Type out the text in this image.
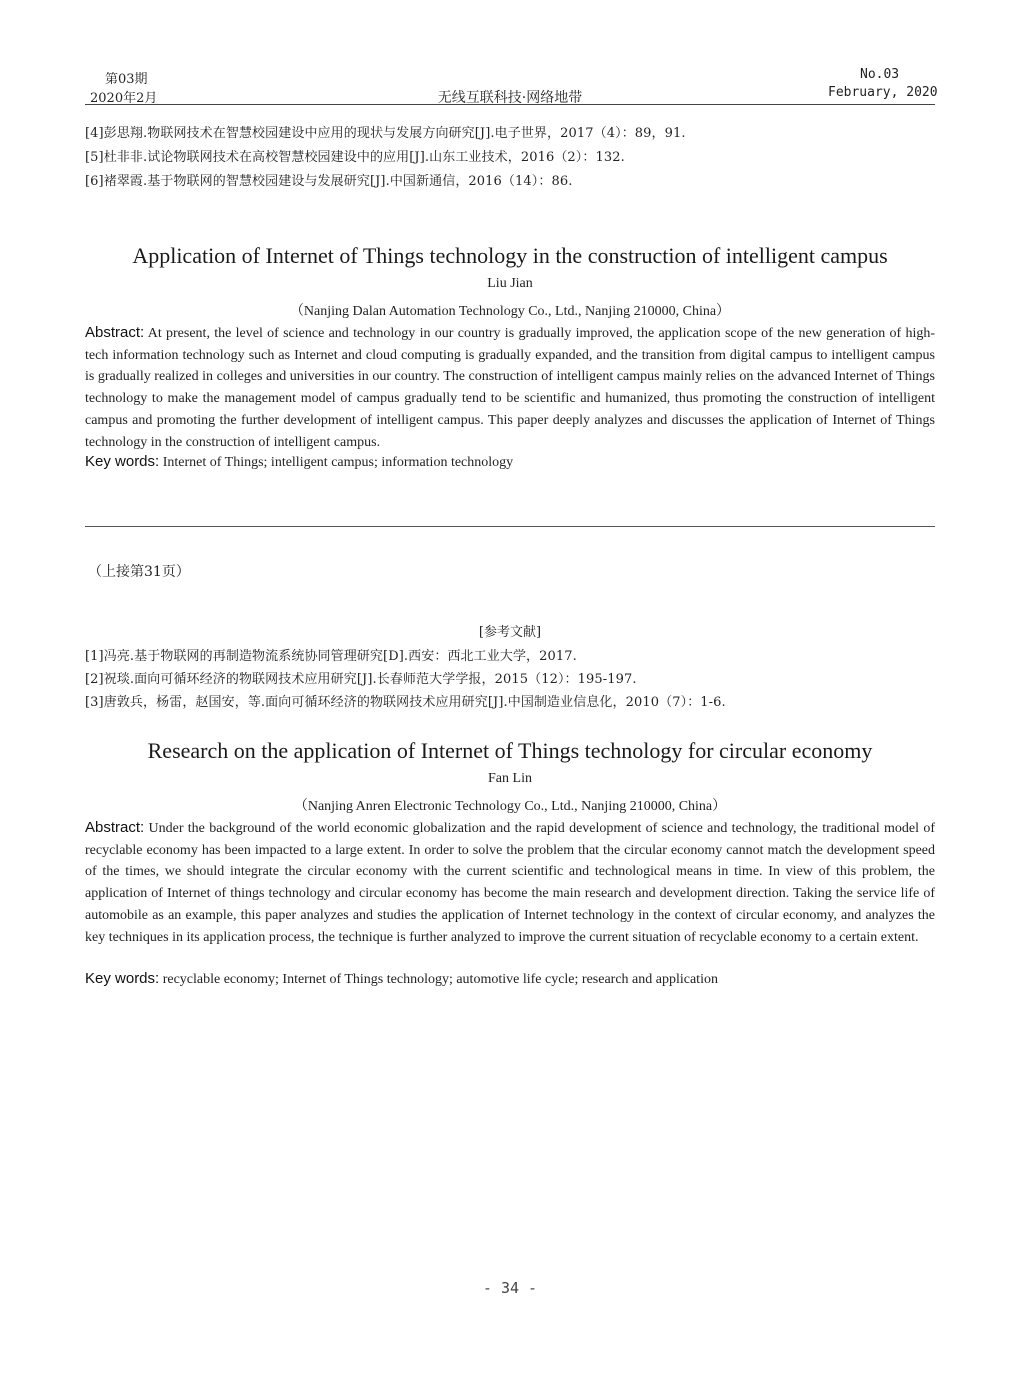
第03期
2020年2月	无线互联科技·网络地带
No.03
February, 2020
[4]彭思翔.物联网技术在智慧校园建设中应用的现状与发展方向研究[J].电子世界，2017（4）：89，91.
[5]杜非非.试论物联网技术在高校智慧校园建设中的应用[J].山东工业技术，2016（2）：132.
[6]褚翠霞.基于物联网的智慧校园建设与发展研究[J].中国新通信，2016（14）：86.
Application of Internet of Things technology in the construction of intelligent campus
Liu Jian
（Nanjing Dalan Automation Technology Co., Ltd., Nanjing 210000, China）
Abstract: At present, the level of science and technology in our country is gradually improved, the application scope of the new generation of high-tech information technology such as Internet and cloud computing is gradually expanded, and the transition from digital campus to intelligent campus is gradually realized in colleges and universities in our country. The construction of intelligent campus mainly relies on the advanced Internet of Things technology to make the management model of campus gradually tend to be scientific and humanized, thus promoting the construction of intelligent campus and promoting the further development of intelligent campus. This paper deeply analyzes and discusses the application of Internet of Things technology in the construction of intelligent campus.
Key words: Internet of Things; intelligent campus; information technology
（上接第31页）
[参考文献]
[1]冯亮.基于物联网的再制造物流系统协同管理研究[D].西安：西北工业大学，2017.
[2]祝琰.面向可循环经济的物联网技术应用研究[J].长春师范大学学报，2015（12）：195-197.
[3]唐敦兵，杨雷，赵国安，等.面向可循环经济的物联网技术应用研究[J].中国制造业信息化，2010（7）：1-6.
Research on the application of Internet of Things technology for circular economy
Fan Lin
（Nanjing Anren Electronic Technology Co., Ltd., Nanjing 210000, China）
Abstract: Under the background of the world economic globalization and the rapid development of science and technology, the traditional model of recyclable economy has been impacted to a large extent. In order to solve the problem that the circular economy cannot match the development speed of the times, we should integrate the circular economy with the current scientific and technological means in time. In view of this problem, the application of Internet of things technology and circular economy has become the main research and development direction. Taking the service life of automobile as an example, this paper analyzes and studies the application of Internet technology in the context of circular economy, and analyzes the key techniques in its application process, the technique is further analyzed to improve the current situation of recyclable economy to a certain extent.
Key words: recyclable economy; Internet of Things technology; automotive life cycle; research and application
- 34 -
